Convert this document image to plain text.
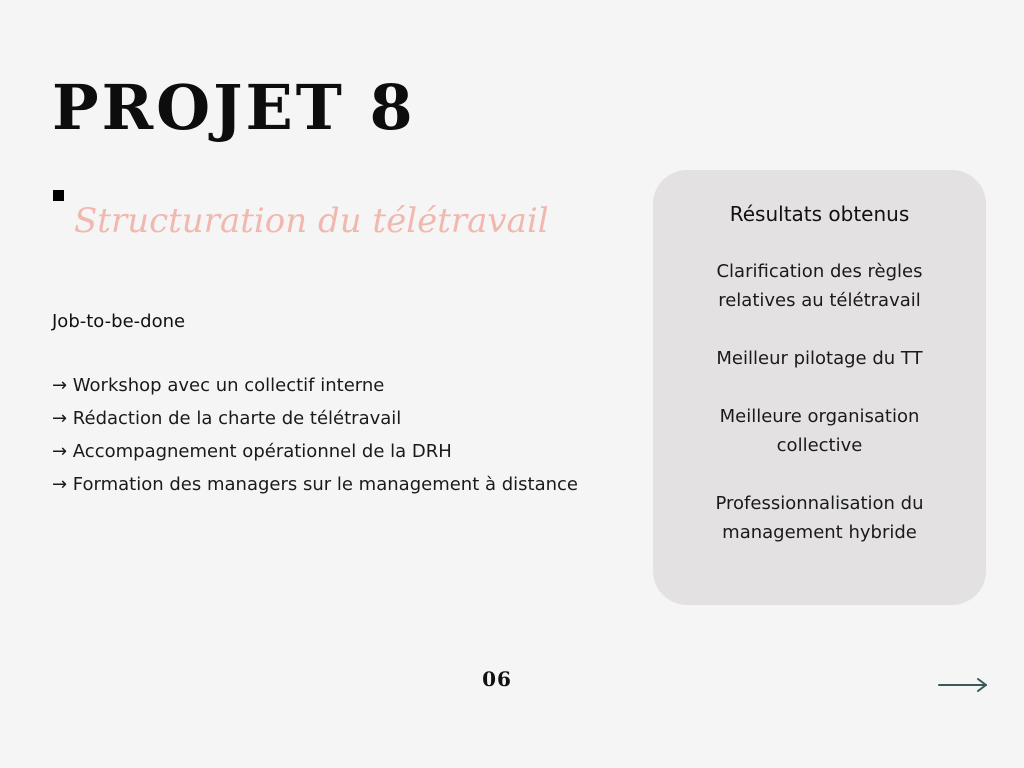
PROJET 8
Structuration du télétravail
Job-to-be-done
→ Workshop avec un collectif interne
→ Rédaction de la charte de télétravail
→ Accompagnement opérationnel de la DRH
→ Formation des managers sur le management à distance
Résultats obtenus

Clarification des règles relatives au télétravail

Meilleur pilotage du TT

Meilleure organisation collective

Professionnalisation du management hybride

06
